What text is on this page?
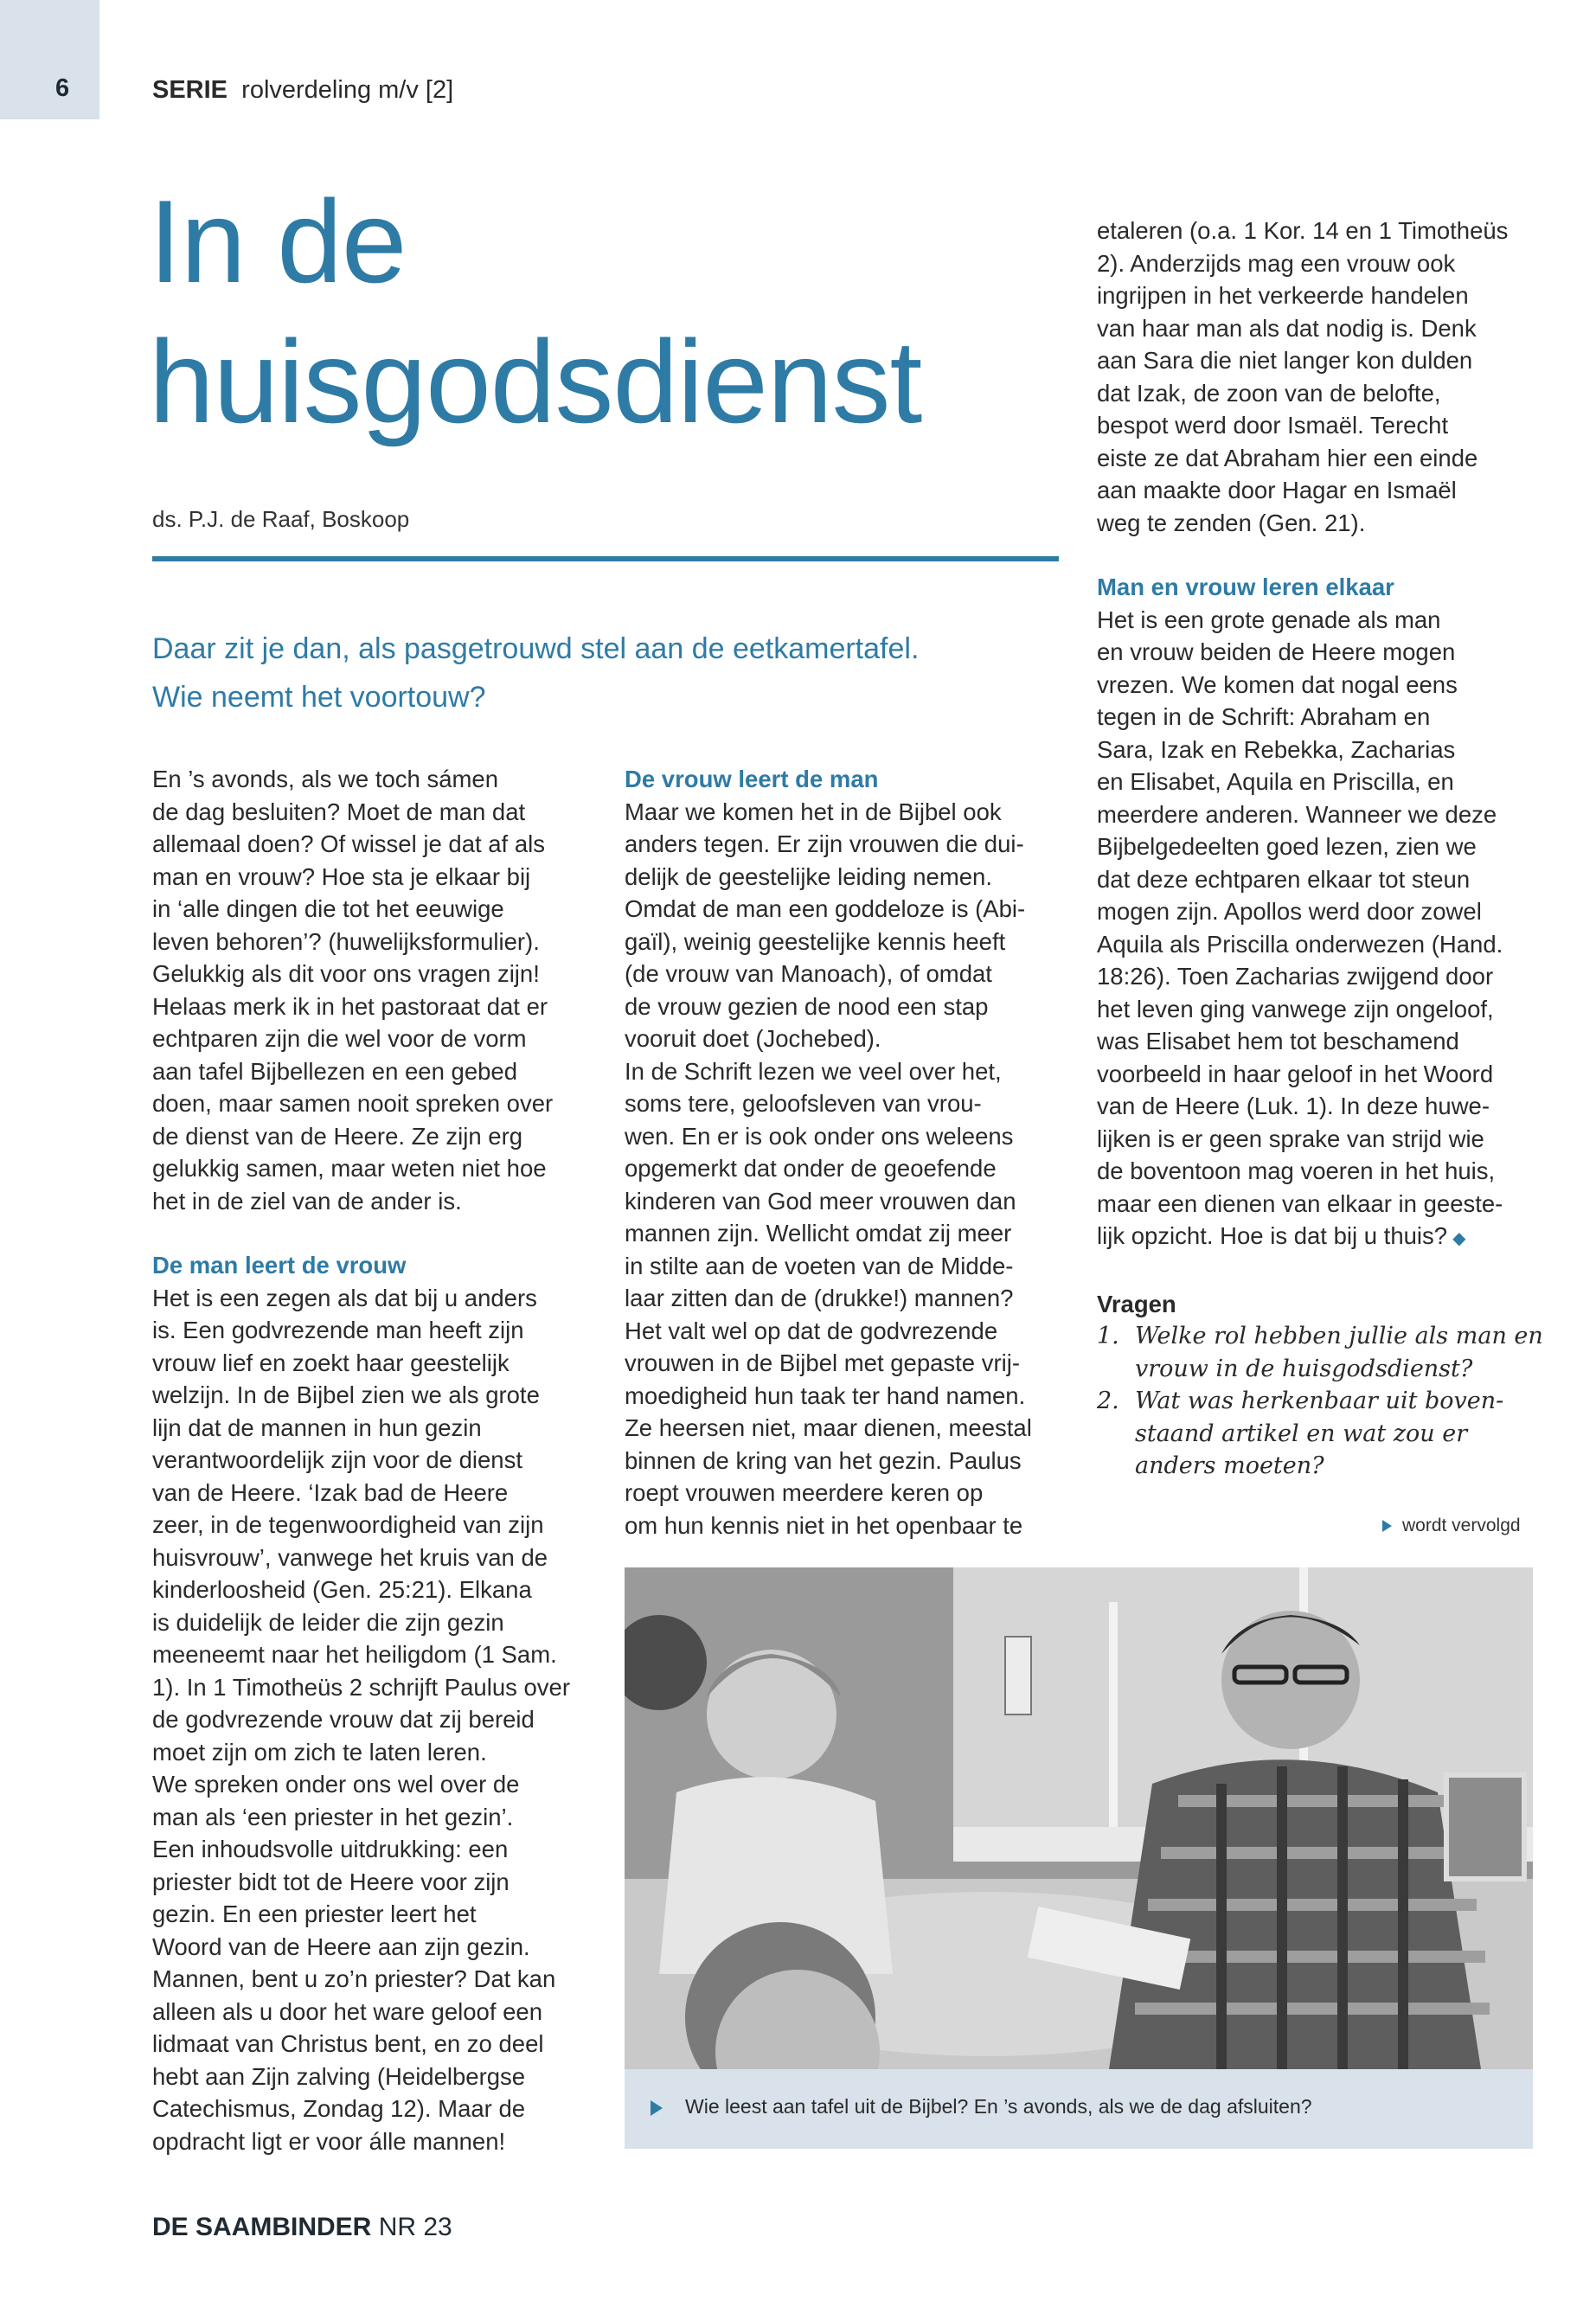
6	SERIE rolverdeling m/v [2]
In de
huisgodsdienst
ds. P.J. de Raaf, Boskoop
Daar zit je dan, als pasgetrouwd stel aan de eetkamertafel.
Wie neemt het voortouw?

En ’s avonds, als we toch sámen

de dag besluiten? Moet de man dat

allemaal doen? Of wissel je dat af als

man en vrouw? Hoe sta je elkaar bij

in ‘alle dingen die tot het eeuwige

leven behoren’? (huwelijksformulier).

Gelukkig als dit voor ons vragen zijn!

Helaas merk ik in het pastoraat dat er

echtparen zijn die wel voor de vorm

aan tafel Bijbellezen en een gebed

doen, maar samen nooit spreken over

de dienst van de Heere. Ze zijn erg

gelukkig samen, maar weten niet hoe

het in de ziel van de ander is.

De man leert de vrouw

Het is een zegen als dat bij u anders

is. Een godvrezende man heeft zijn

vrouw lief en zoekt haar geestelijk

welzijn. In de Bijbel zien we als grote

lijn dat de mannen in hun gezin

verantwoordelijk zijn voor de dienst

van de Heere. ‘Izak bad de Heere

zeer, in de tegenwoordigheid van zijn

huisvrouw’, vanwege het kruis van de

kinderloosheid (Gen. 25:21). Elkana

is duidelijk de leider die zijn gezin

meeneemt naar het heiligdom (1 Sam.

1). In 1 Timotheüs 2 schrijft Paulus over

de godvrezende vrouw dat zij bereid

moet zijn om zich te laten leren.

We spreken onder ons wel over de

man als ‘een priester in het gezin’.

Een inhoudsvolle uitdrukking: een

priester bidt tot de Heere voor zijn

gezin. En een priester leert het

Woord van de Heere aan zijn gezin.

Mannen, bent u zo’n priester? Dat kan

alleen als u door het ware geloof een

lidmaat van Christus bent, en zo deel

hebt aan Zijn zalving (Heidelbergse

Catechismus, Zondag 12). Maar de

opdracht ligt er voor álle mannen!

De vrouw leert de man

Maar we komen het in de Bijbel ook

anders tegen. Er zijn vrouwen die dui-

delijk de geestelijke leiding nemen.

Omdat de man een goddeloze is (Abi-

gaïl), weinig geestelijke kennis heeft

(de vrouw van Manoach), of omdat

de vrouw gezien de nood een stap

vooruit doet (Jochebed).

In de Schrift lezen we veel over het,

soms tere, geloofsleven van vrou-

wen. En er is ook onder ons weleens

opgemerkt dat onder de geoefende

kinderen van God meer vrouwen dan

mannen zijn. Wellicht omdat zij meer

in stilte aan de voeten van de Midde-

laar zitten dan de (drukke!) mannen?

Het valt wel op dat de godvrezende

vrouwen in de Bijbel met gepaste vrij-

moedigheid hun taak ter hand namen.

Ze heersen niet, maar dienen, meestal

binnen de kring van het gezin. Paulus

roept vrouwen meerdere keren op

om hun kennis niet in het openbaar te

etaleren (o.a. 1 Kor. 14 en 1 Timotheüs

2). Anderzijds mag een vrouw ook

ingrijpen in het verkeerde handelen

van haar man als dat nodig is. Denk

aan Sara die niet langer kon dulden

dat Izak, de zoon van de belofte,

bespot werd door Ismaël. Terecht

eiste ze dat Abraham hier een einde

aan maakte door Hagar en Ismaël

weg te zenden (Gen. 21).

Man en vrouw leren elkaar

Het is een grote genade als man

en vrouw beiden de Heere mogen

vrezen. We komen dat nogal eens

tegen in de Schrift: Abraham en

Sara, Izak en Rebekka, Zacharias

en Elisabet, Aquila en Priscilla, en

meerdere anderen. Wanneer we deze

Bijbelgedeelten goed lezen, zien we

dat deze echtparen elkaar tot steun

mogen zijn. Apollos werd door zowel

Aquila als Priscilla onderwezen (Hand.

18:26). Toen Zacharias zwijgend door

het leven ging vanwege zijn ongeloof,

was Elisabet hem tot beschamend

voorbeeld in haar geloof in het Woord

van de Heere (Luk. 1). In deze huwe-

lijken is er geen sprake van strijd wie

de boventoon mag voeren in het huis,

maar een dienen van elkaar in geeste-

lijk opzicht. Hoe is dat bij u thuis? ◆

Vragen
1. Welke rol hebben jullie als man en
vrouw in de huisgodsdienst?
2. Wat was herkenbaar uit boven-
staand artikel en wat zou er
anders moeten?
wordt vervolgd
Wie leest aan tafel uit de Bijbel? En ’s avonds, als we de dag afsluiten?
DE SAAMBINDER NR 23
